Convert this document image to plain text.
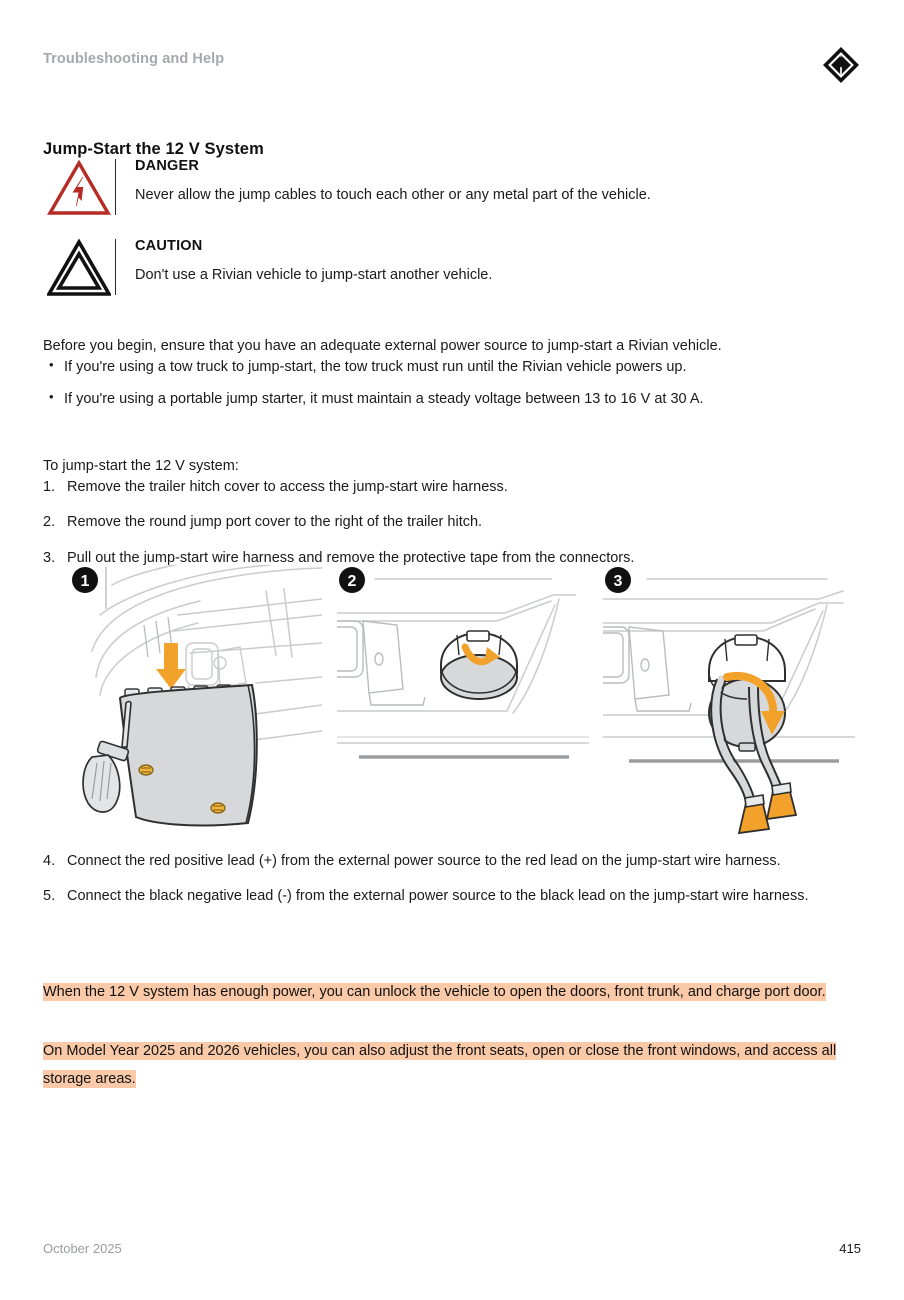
Troubleshooting and Help
Jump-Start the 12 V System
DANGER
Never allow the jump cables to touch each other or any metal part of the vehicle.
CAUTION
Don't use a Rivian vehicle to jump-start another vehicle.

Before you begin, ensure that you have an adequate external power source to jump-start a Rivian vehicle.

• If you're using a tow truck to jump-start, the tow truck must run until the Rivian vehicle powers up.
• If you're using a portable jump starter, it must maintain a steady voltage between 13 to 16 V at 30 A.

To jump-start the 12 V system:

1. Remove the trailer hitch cover to access the jump-start wire harness.
2. Remove the round jump port cover to the right of the trailer hitch.
3. Pull out the jump-start wire harness and remove the protective tape from the connectors.
1	2	3
4. Connect the red positive lead (+) from the external power source to the red lead on the jump-start wire harness.
5. Connect the black negative lead (-) from the external power source to the black lead on the jump-start wire harness.
When the 12 V system has enough power, you can unlock the vehicle to open the doors, front trunk, and charge port door.
On Model Year 2025 and 2026 vehicles, you can also adjust the front seats, open or close the front windows, and access all storage areas.
October 2025	415
